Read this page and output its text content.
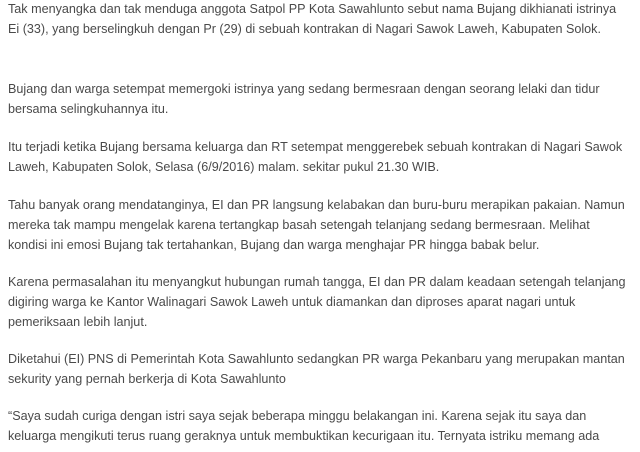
Tak menyangka dan tak menduga anggota Satpol PP Kota Sawahlunto sebut nama Bujang dikhianati istrinya
Ei (33), yang berselingkuh dengan Pr (29) di sebuah kontrakan di Nagari Sawok Laweh, Kabupaten Solok.

Bujang dan warga setempat memergoki istrinya yang sedang bermesraan dengan seorang lelaki dan tidur
bersama selingkuhannya itu.

Itu terjadi ketika Bujang bersama keluarga dan RT setempat menggerebek sebuah kontrakan di Nagari Sawok
Laweh, Kabupaten Solok, Selasa (6/9/2016) malam. sekitar pukul 21.30 WIB.

Tahu banyak orang mendatanginya, EI dan PR langsung kelabakan dan buru-buru merapikan pakaian. Namun
mereka tak mampu mengelak karena tertangkap basah setengah telanjang sedang bermesraan. Melihat
kondisi ini emosi Bujang tak tertahankan, Bujang dan warga menghajar PR hingga babak belur.

Karena permasalahan itu menyangkut hubungan rumah tangga, EI dan PR dalam keadaan setengah telanjang
digiring warga ke Kantor Walinagari Sawok Laweh untuk diamankan dan diproses aparat nagari untuk
pemeriksaan lebih lanjut.

Diketahui (EI) PNS di Pemerintah Kota Sawahlunto sedangkan PR warga Pekanbaru yang merupakan mantan
sekurity yang pernah berkerja di Kota Sawahlunto

“Saya sudah curiga dengan istri saya sejak beberapa minggu belakangan ini. Karena sejak itu saya dan
keluarga mengikuti terus ruang geraknya untuk membuktikan kecurigaan itu. Ternyata istriku memang ada
